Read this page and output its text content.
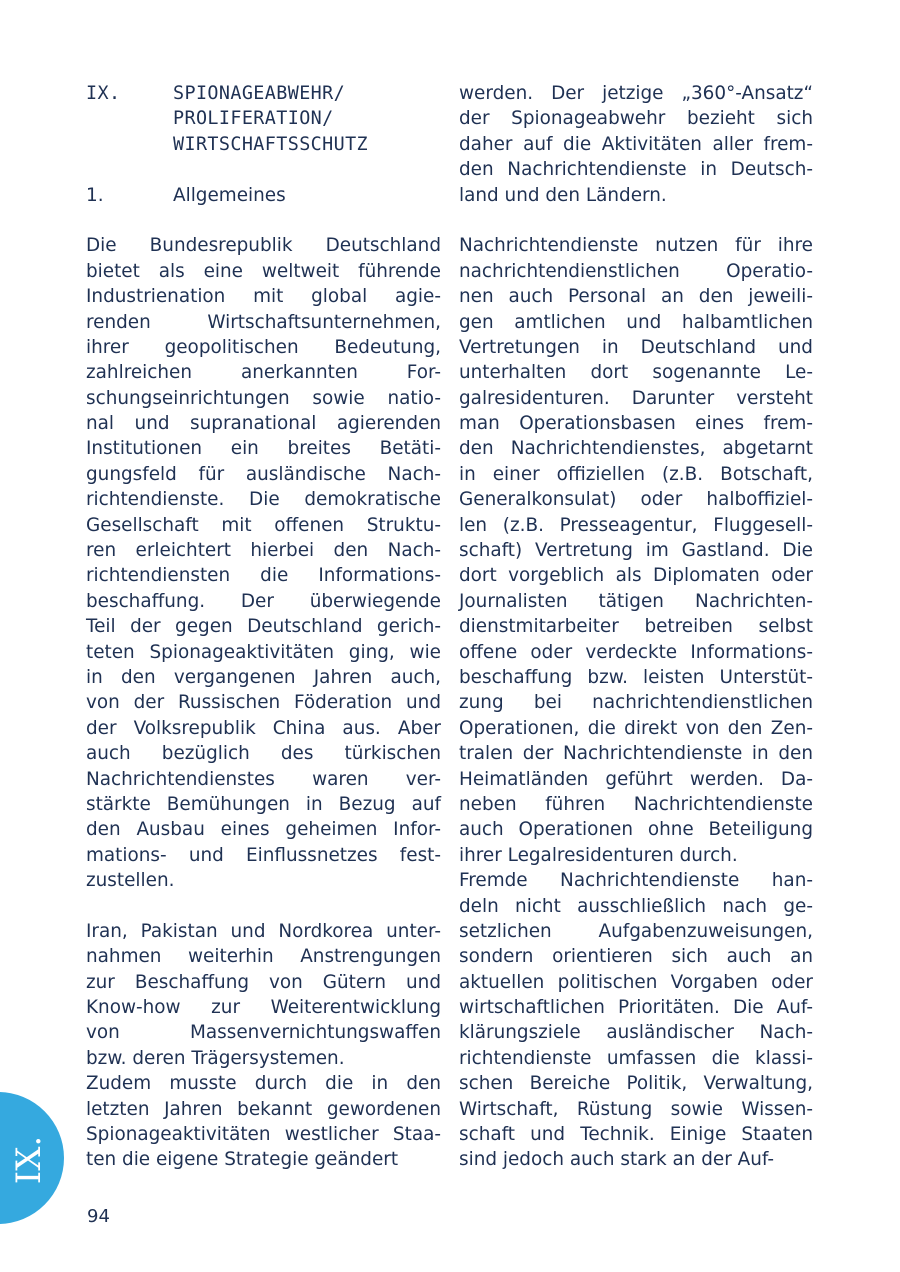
IX.	SPIONAGEABWEHR/
PROLIFERATION/
WIRTSCHAFTSSCHUTZ
1.	Allgemeines
Die Bundesrepublik Deutschland
bietet als eine weltweit führende
Industrienation mit global agie-
renden Wirtschaftsunternehmen,
ihrer geopolitischen Bedeutung,
zahlreichen anerkannten For-
schungseinrichtungen sowie natio-
nal und supranational agierenden
Institutionen ein breites Betäti-
gungsfeld für ausländische Nach-
richtendienste. Die demokratische
Gesellschaft mit offenen Struktu-
ren erleichtert hierbei den Nach-
richtendiensten die Informations-
beschaffung. Der überwiegende
Teil der gegen Deutschland gerich-
teten Spionageaktivitäten ging, wie
in den vergangenen Jahren auch,
von der Russischen Föderation und
der Volksrepublik China aus. Aber
auch bezüglich des türkischen
Nachrichtendienstes waren ver-
stärkte Bemühungen in Bezug auf
den Ausbau eines geheimen Infor-
mations- und Einflussnetzes fest-
zustellen.
Iran, Pakistan und Nordkorea unter-
nahmen weiterhin Anstrengungen
zur Beschaffung von Gütern und
Know-how zur Weiterentwicklung
von Massenvernichtungswaffen
bzw. deren Trägersystemen.
Zudem musste durch die in den
letzten Jahren bekannt gewordenen
Spionageaktivitäten westlicher Staa-
ten die eigene Strategie geändert
werden. Der jetzige „360°-Ansatz“
der Spionageabwehr bezieht sich
daher auf die Aktivitäten aller frem-
den Nachrichtendienste in Deutsch-
land und den Ländern.
Nachrichtendienste nutzen für ihre
nachrichtendienstlichen Operatio-
nen auch Personal an den jeweili-
gen amtlichen und halbamtlichen
Vertretungen in Deutschland und
unterhalten dort sogenannte Le-
galresidenturen. Darunter versteht
man Operationsbasen eines frem-
den Nachrichtendienstes, abgetarnt
in einer offiziellen (z.B. Botschaft,
Generalkonsulat) oder halboffiziel-
len (z.B. Presseagentur, Fluggesell-
schaft) Vertretung im Gastland. Die
dort vorgeblich als Diplomaten oder
Journalisten tätigen Nachrichten-
dienstmitarbeiter betreiben selbst
offene oder verdeckte Informations-
beschaffung bzw. leisten Unterstüt-
zung bei nachrichtendienstlichen
Operationen, die direkt von den Zen-
tralen der Nachrichtendienste in den
Heimatländen geführt werden. Da-
neben führen Nachrichtendienste
auch Operationen ohne Beteiligung
ihrer Legalresidenturen durch.
Fremde Nachrichtendienste han-
deln nicht ausschließlich nach ge-
setzlichen Aufgabenzuweisungen,
sondern orientieren sich auch an
aktuellen politischen Vorgaben oder
wirtschaftlichen Prioritäten. Die Auf-
klärungsziele ausländischer Nach-
richtendienste umfassen die klassi-
schen Bereiche Politik, Verwaltung,
Wirtschaft, Rüstung sowie Wissen-
schaft und Technik. Einige Staaten
sind jedoch auch stark an der Auf-
IX.
94
